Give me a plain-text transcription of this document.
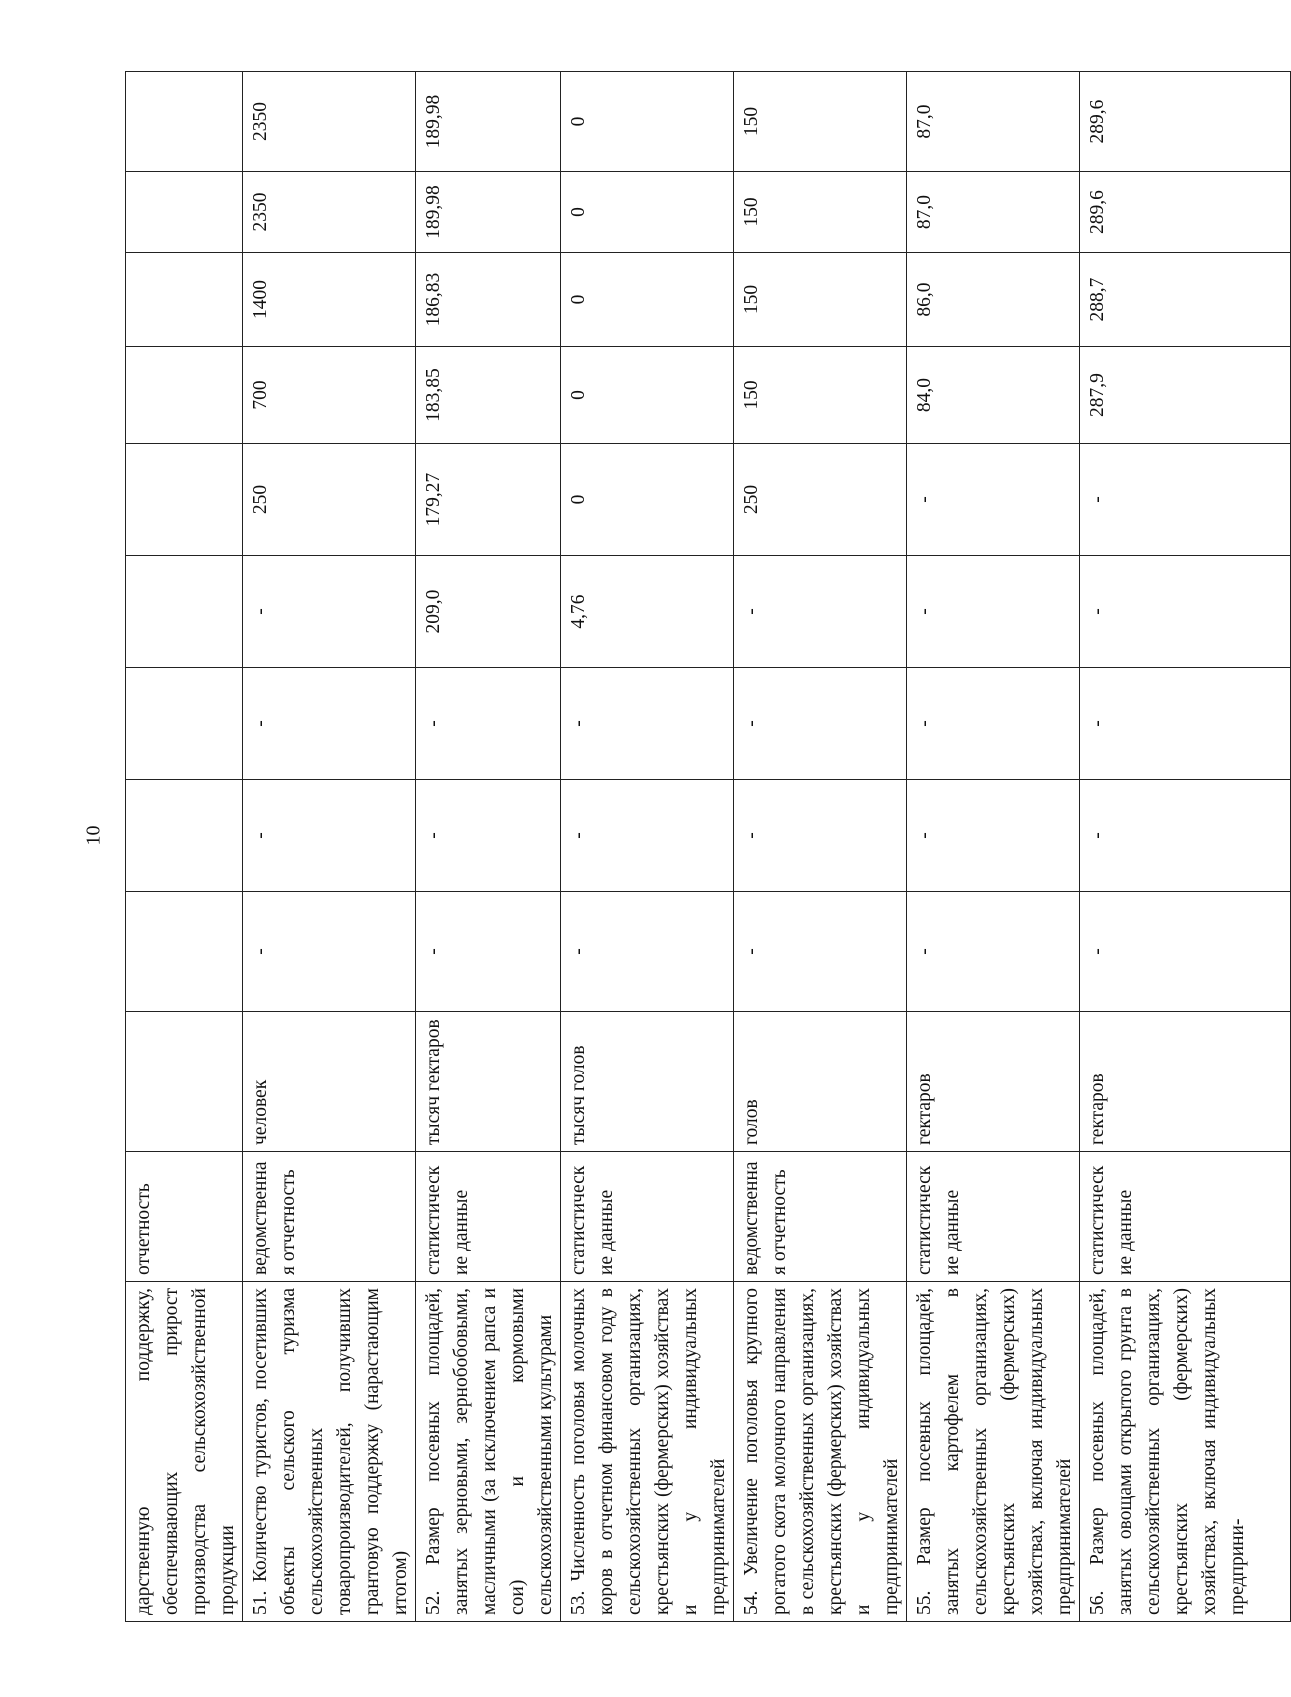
10
дарственную поддержку, обеспечивающих прирост производства сельскохозяйственной продукции	отчетность										
51. Количество туристов, посетивших объекты сельского туризма сельскохозяйственных товаропроизводителей, получивших грантовую поддержку (нарастающим итогом)	ведомственная отчетность	человек	-	-	-	-	250	700	1400	2350	2350
52. Размер посевных площадей, занятых зерновыми, зернобобовыми, масличными (за исключением рапса и сои) и кормовыми сельскохозяйственными культурами	статистические данные	тысяч гектаров	-	-	-	209,0	179,27	183,85	186,83	189,98	189,98
53. Численность поголовья молочных коров в отчетном финансовом году в сельскохозяйственных организациях, крестьянских (фермерских) хозяйствах и у индивидуальных предпринимателей	статистические данные	тысяч голов	-	-	-	4,76	0	0	0	0	0
54. Увеличение поголовья крупного рогатого скота молочного направления в сельскохозяйственных организациях, крестьянских (фермерских) хозяйствах и у индивидуальных предпринимателей	ведомственная отчетность	голов	-	-	-	-	250	150	150	150	150
55. Размер посевных площадей, занятых картофелем в сельскохозяйственных организациях, крестьянских (фермерских) хозяйствах, включая индивидуальных предпринимателей	статистические данные	гектаров	-	-	-	-	-	84,0	86,0	87,0	87,0
56. Размер посевных площадей, занятых овощами открытого грунта в сельскохозяйственных организациях, крестьянских (фермерских) хозяйствах, включая индивидуальных предприни-	статистические данные	гектаров	-	-	-	-	-	287,9	288,7	289,6	289,6
